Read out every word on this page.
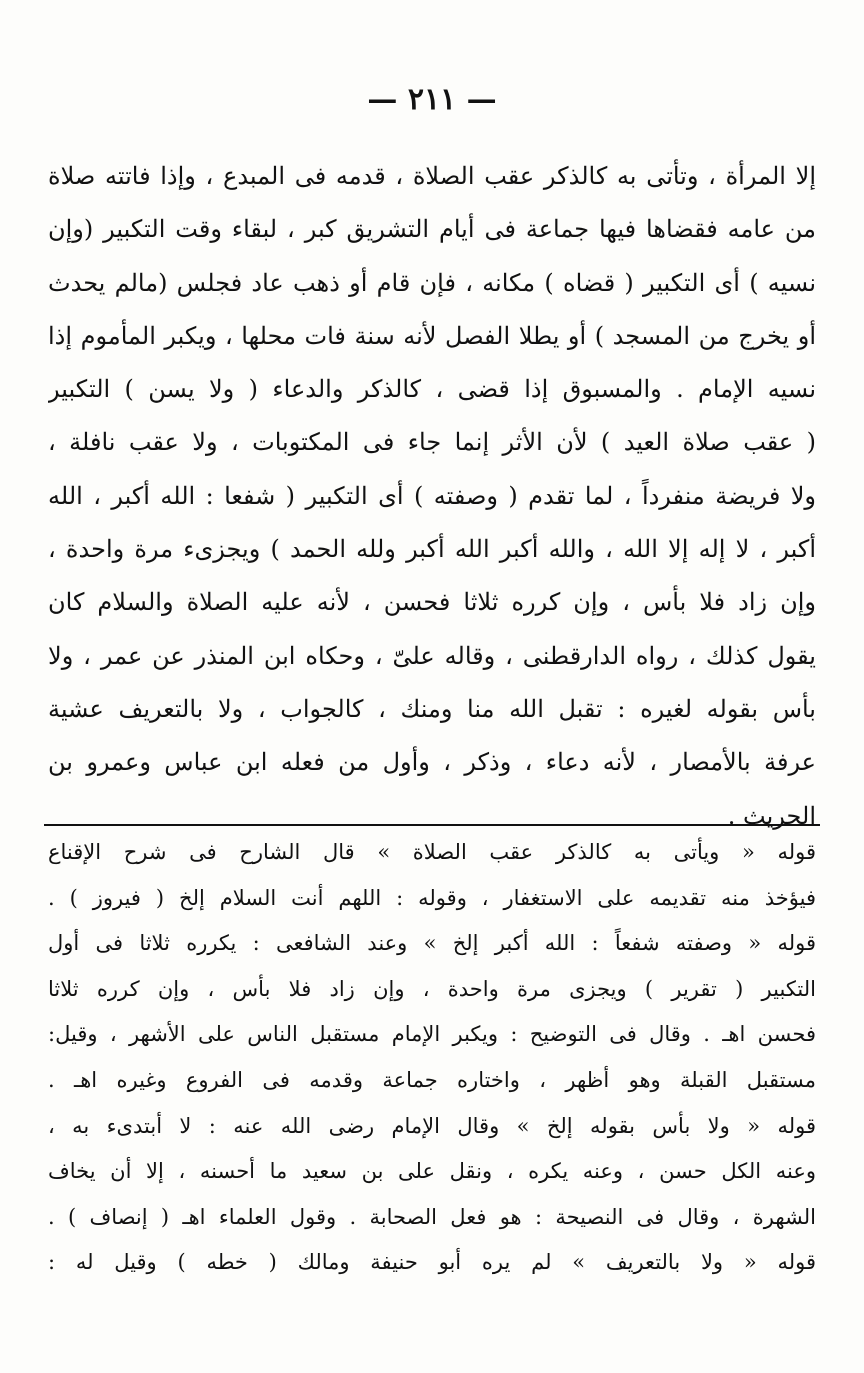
— ٢١١ —
إلا المرأة ، وتأتى به كالذكر عقب الصلاة ، قدمه فى المبدع ، وإذا فاتته صلاة
من عامه فقضاها فيها جماعة فى أيام التشريق كبر ، لبقاء وقت التكبير (وإن
نسيه ) أى التكبير ( قضاه ) مكانه ، فإن قام أو ذهب عاد فجلس (مالم يحدث
أو يخرج من المسجد ) أو يطلا الفصل لأنه سنة فات محلها ، ويكبر المأموم إذا
نسيه الإمام . والمسبوق إذا قضى ، كالذكر والدعاء ( ولا يسن ) التكبير
( عقب صلاة العيد ) لأن الأثر إنما جاء فى المكتوبات ، ولا عقب نافلة ،
ولا فريضة منفرداً ، لما تقدم ( وصفته ) أى التكبير ( شفعا : الله أكبر ، الله
أكبر ، لا إله إلا الله ، والله أكبر الله أكبر ولله الحمد ) ويجزىء مرة واحدة ،
وإن زاد فلا بأس ، وإن كرره ثلاثا فحسن ، لأنه عليه الصلاة والسلام كان
يقول كذلك ، رواه الدارقطنى ، وقاله علىّ ، وحكاه ابن المنذر عن عمر ، ولا
بأس بقوله لغيره : تقبل الله منا ومنك ، كالجواب ، ولا بالتعريف عشية
عرفة بالأمصار ، لأنه دعاء ، وذكر ، وأول من فعله ابن عباس وعمرو بن
الحريث .
قوله « ويأتى به كالذكر عقب الصلاة » قال الشارح فى شرح الإقناع
فيؤخذ منه تقديمه على الاستغفار ، وقوله : اللهم أنت السلام إلخ ( فيروز ) .
قوله « وصفته شفعاً : الله أكبر إلخ » وعند الشافعى : يكرره ثلاثا فى أول
التكبير ( تقرير ) ويجزى مرة واحدة ، وإن زاد فلا بأس ، وإن كرره ثلاثا
فحسن اهـ . وقال فى التوضيح : ويكبر الإمام مستقبل الناس على الأشهر ، وقيل:
مستقبل القبلة وهو أظهر ، واختاره جماعة وقدمه فى الفروع وغيره اهـ .
قوله « ولا بأس بقوله إلخ » وقال الإمام رضى الله عنه : لا أبتدىء به ،
وعنه الكل حسن ، وعنه يكره ، ونقل على بن سعيد ما أحسنه ، إلا أن يخاف
الشهرة ، وقال فى النصيحة : هو فعل الصحابة . وقول العلماء اهـ ( إنصاف ) .
قوله « ولا بالتعريف » لم يره أبو حنيفة ومالك ( خطه ) وقيل له :
